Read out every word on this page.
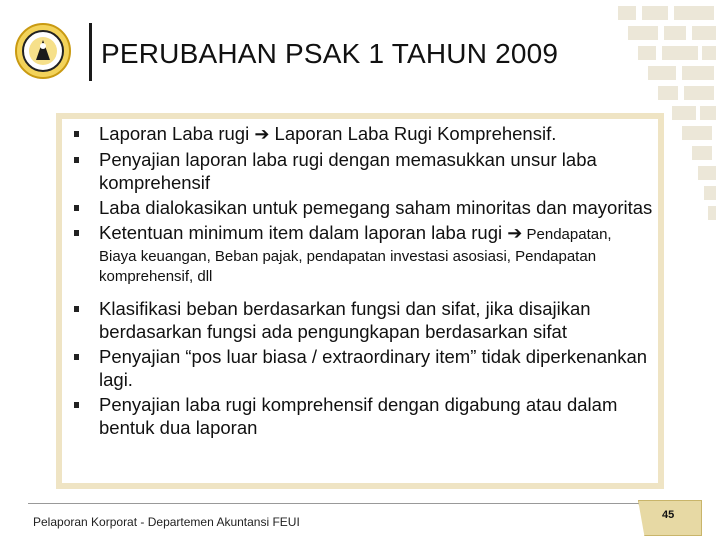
PERUBAHAN PSAK 1 TAHUN 2009
Laporan Laba rugi ➔ Laporan Laba Rugi Komprehensif.
Penyajian laporan laba rugi dengan memasukkan unsur laba komprehensif
Laba dialokasikan untuk pemegang saham minoritas dan mayoritas
Ketentuan minimum item dalam laporan laba rugi ➔ Pendapatan,
Biaya keuangan, Beban pajak, pendapatan investasi asosiasi, Pendapatan komprehensif, dll
Klasifikasi beban berdasarkan fungsi dan sifat, jika disajikan berdasarkan fungsi ada pengungkapan berdasarkan sifat
Penyajian “pos luar biasa / extraordinary item” tidak diperkenankan lagi.
Penyajian laba rugi komprehensif dengan digabung atau dalam bentuk dua laporan
Pelaporan Korporat - Departemen Akuntansi FEUI	45
